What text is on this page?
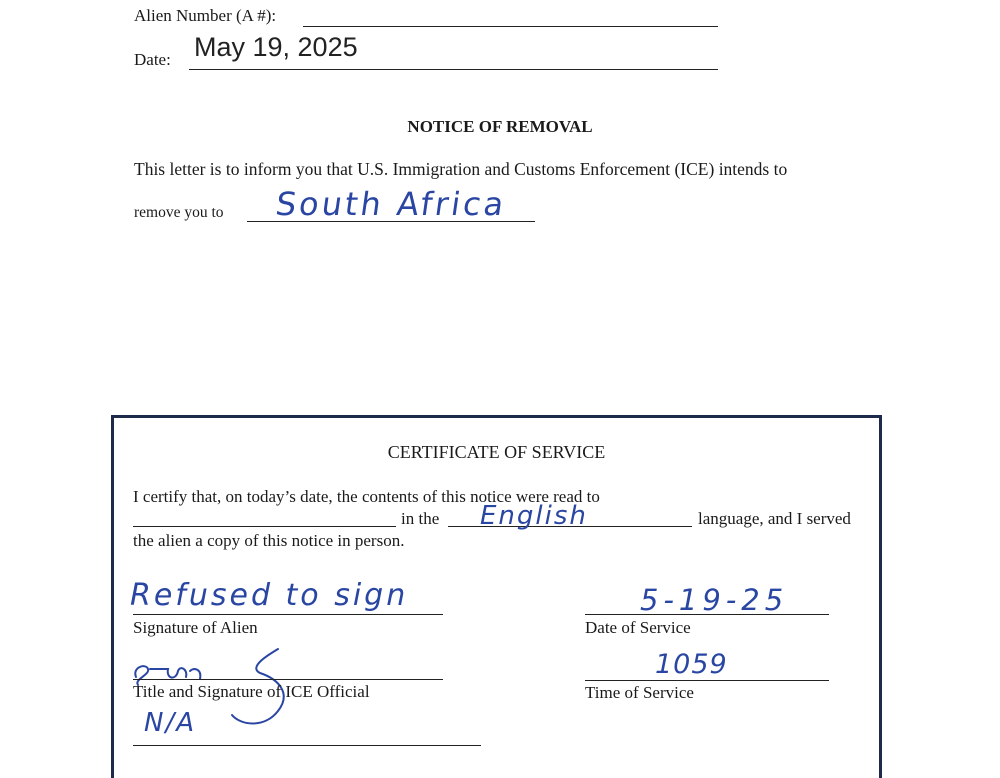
Alien Number (A #):
Date: May 19, 2025
NOTICE OF REMOVAL
This letter is to inform you that U.S. Immigration and Customs Enforcement (ICE) intends to
remove you to South Africa
CERTIFICATE OF SERVICE
I certify that, on today’s date, the contents of this notice were read to
in the English	language, and I served
the alien a copy of this notice in person.
Refused to sign
Signature of Alien
5-19-25
Date of Service
Title and Signature of ICE Official
1059
Time of Service
N/A
